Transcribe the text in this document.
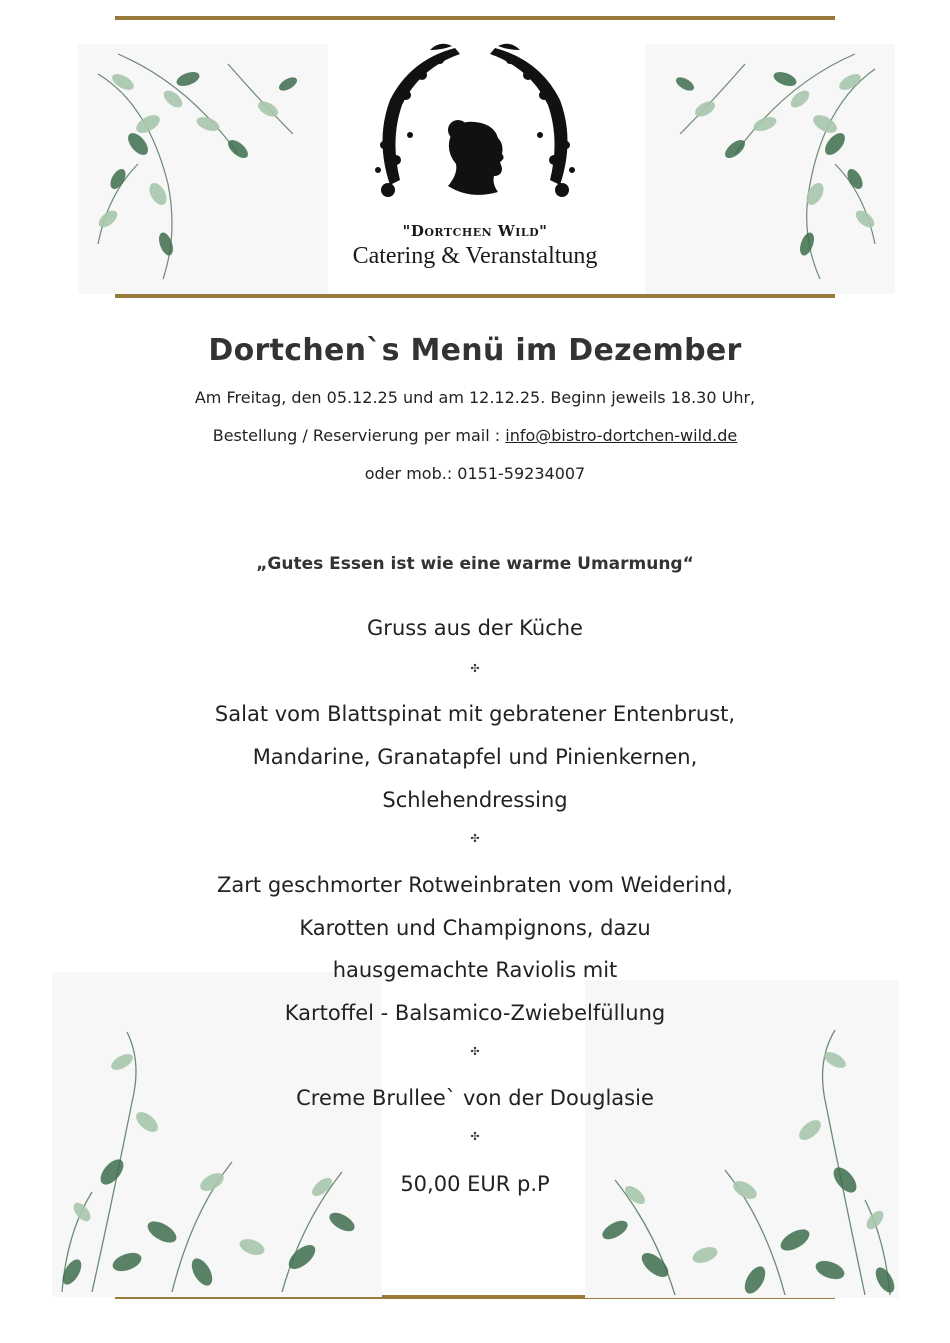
"Dortchen Wild"
Catering & Veranstaltung
Dortchen`s Menü im Dezember
Am Freitag, den 05.12.25 und am 12.12.25. Beginn jeweils 18.30 Uhr,
Bestellung / Reservierung per mail : info@bistro-dortchen-wild.de
oder mob.: 0151-59234007
„Gutes Essen ist wie eine warme Umarmung“
Gruss aus der Küche
✣
Salat vom Blattspinat mit gebratener Entenbrust,
Mandarine, Granatapfel und Pinienkernen,
Schlehendressing
✣
Zart geschmorter Rotweinbraten vom Weiderind,
Karotten und Champignons, dazu
hausgemachte Raviolis mit
Kartoffel - Balsamico-Zwiebelfüllung
✣
Creme Brullee` von der Douglasie
✣
50,00 EUR p.P
